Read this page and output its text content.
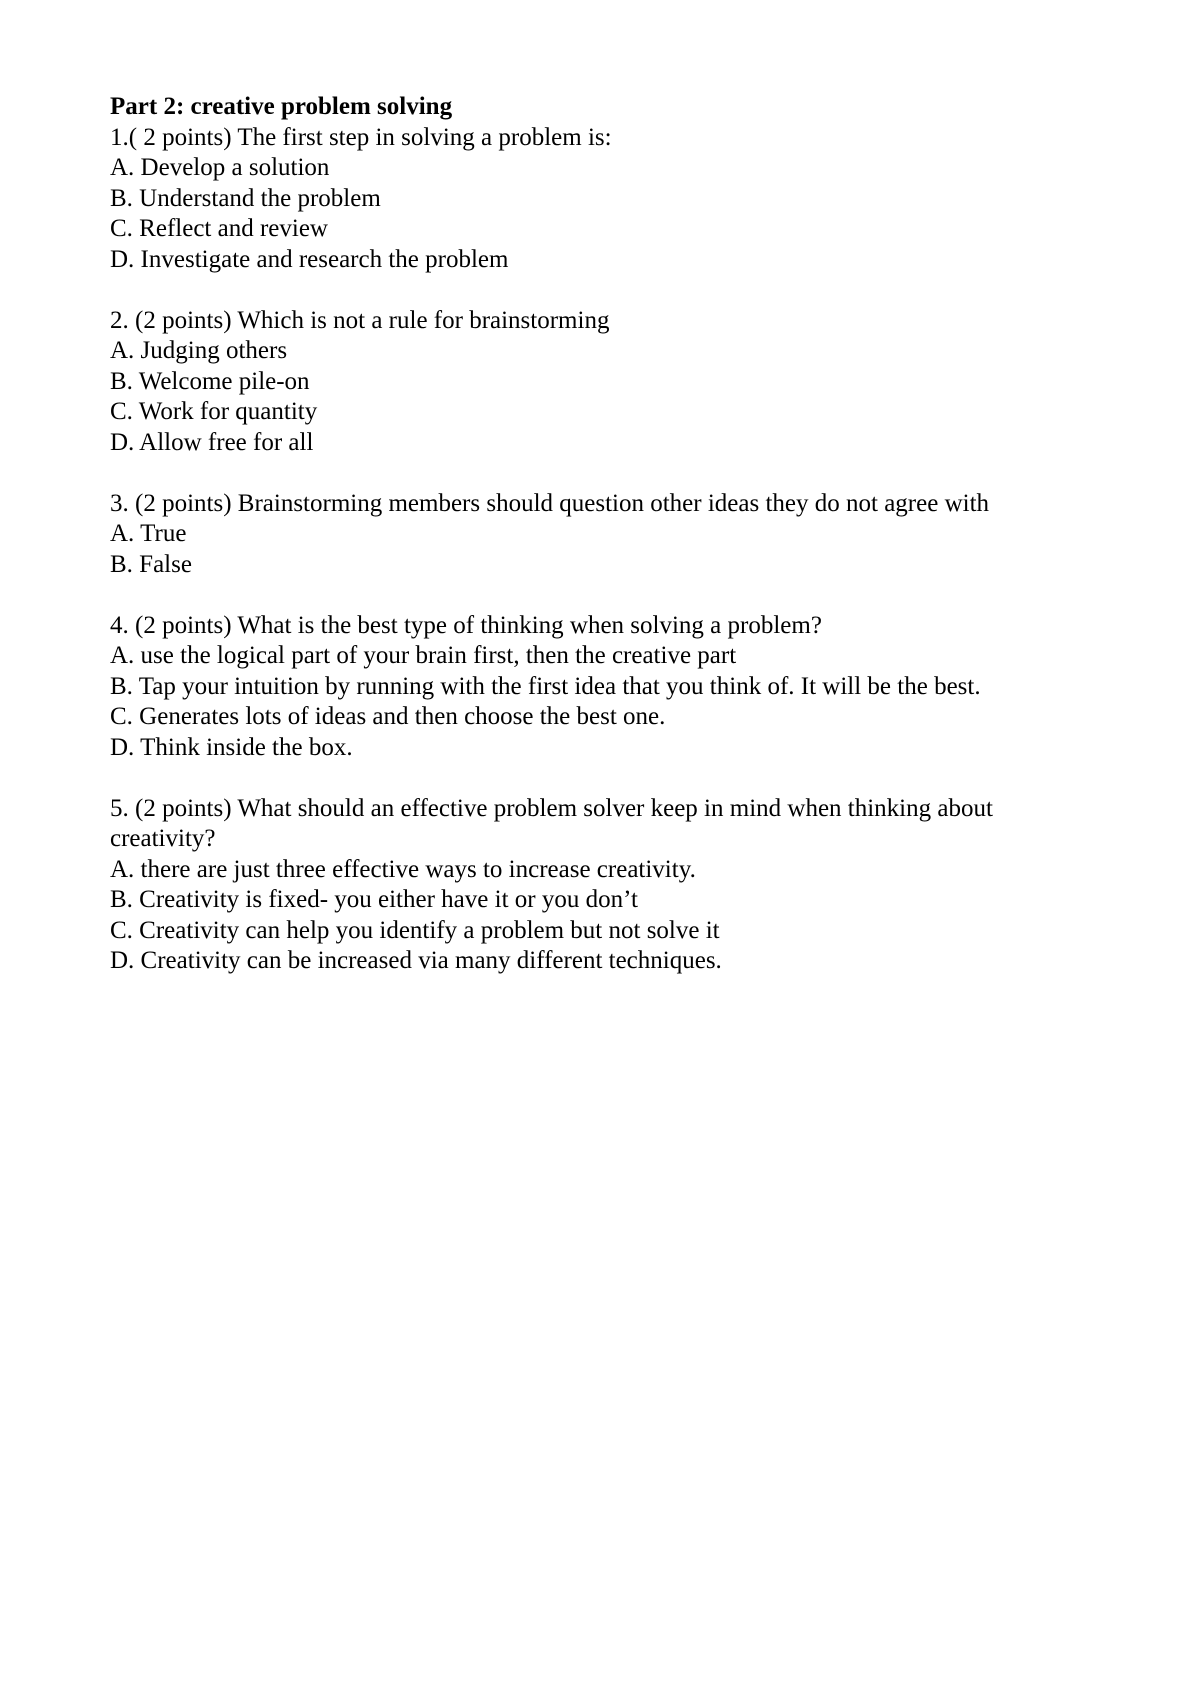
Part 2: creative problem solving

1.( 2 points) The first step in solving a problem is:

A. Develop a solution

B. Understand the problem

C. Reflect and review

D. Investigate and research the problem

2. (2 points) Which is not a rule for brainstorming

A. Judging others

B. Welcome pile-on

C. Work for quantity

D. Allow free for all

3. (2 points) Brainstorming members should question other ideas they do not agree with

A. True

B. False

4. (2 points) What is the best type of thinking when solving a problem?

A. use the logical part of your brain first, then the creative part

B. Tap your intuition by running with the first idea that you think of. It will be the best.

C. Generates lots of ideas and then choose the best one.

D. Think inside the box.

5. (2 points) What should an effective problem solver keep in mind when thinking about creativity?

A. there are just three effective ways to increase creativity.

B. Creativity is fixed- you either have it or you don’t

C. Creativity can help you identify a problem but not solve it

D. Creativity can be increased via many different techniques.
